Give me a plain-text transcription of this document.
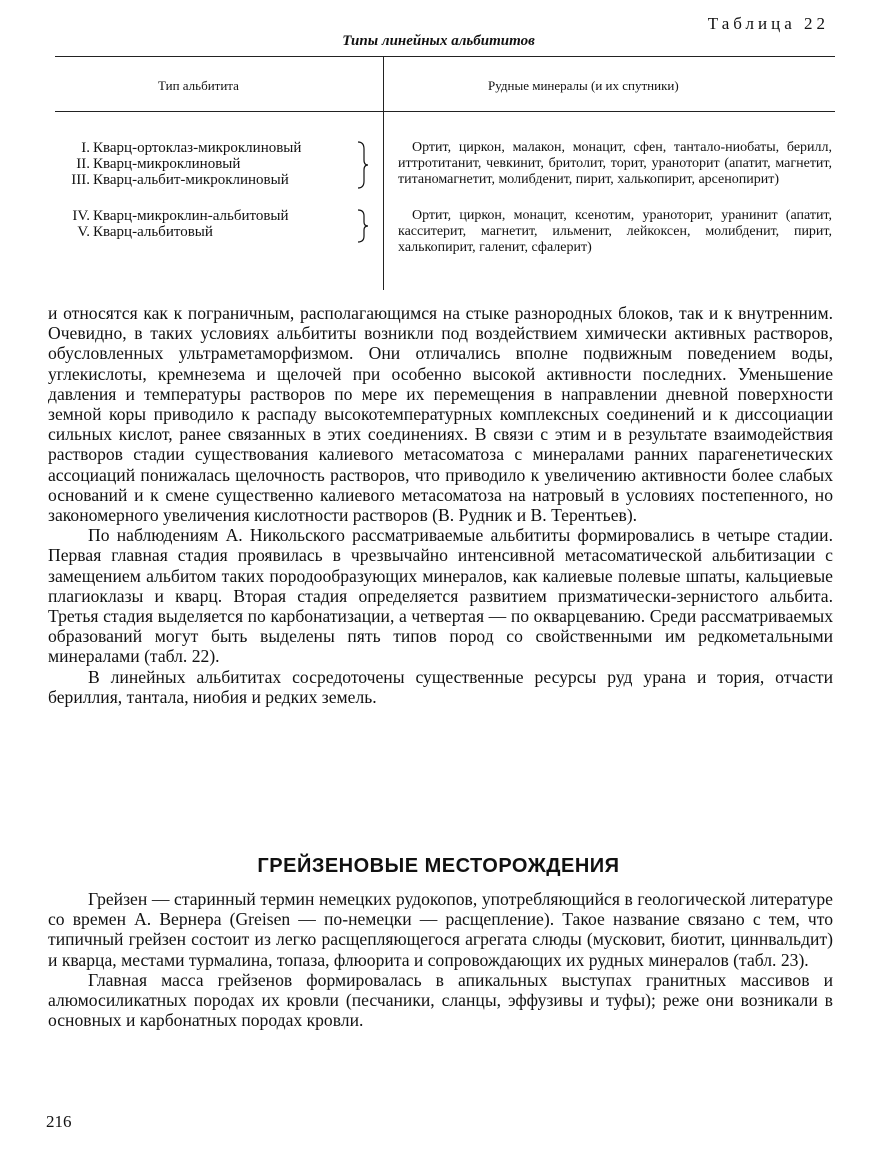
Таблица 22
Типы линейных альбититов
Тип альбитита	Рудные минералы (и их спутники)
I. Кварц-ортоклаз-микроклиновый
II. Кварц-микроклиновый
III. Кварц-альбит-микроклиновый
Ортит, циркон, малакон, монацит, сфен, тантало-ниобаты, берилл, иттротитанит, чевкинит, бритолит, торит, ураноторит (апатит, магнетит, титаномагнетит, молибденит, пирит, халькопирит, арсенопирит)
IV. Кварц-микроклин-альбитовый
V. Кварц-альбитовый
Ортит, циркон, монацит, ксенотим, ураноторит, уранинит (апатит, касситерит, магнетит, ильменит, лейкоксен, молибденит, пирит, халькопирит, галенит, сфалерит)

и относятся как к пограничным, располагающимся на стыке разнородных блоков, так и к внутренним. Очевидно, в таких условиях альбититы возникли под воздействием химически активных растворов, обусловленных ультраметаморфизмом. Они отличались вполне подвижным поведением воды, углекислоты, кремнезема и щелочей при особенно высокой активности последних. Уменьшение давления и температуры растворов по мере их перемещения в направлении дневной поверхности земной коры приводило к распаду высокотемпературных комплексных соединений и к диссоциации сильных кислот, ранее связанных в этих соединениях. В связи с этим и в результате взаимодействия растворов стадии существования калиевого метасоматоза с минералами ранних парагенетических ассоциаций понижалась щелочность растворов, что приводило к увеличению активности более слабых оснований и к смене существенно калиевого метасоматоза на натровый в условиях постепенного, но закономерного увеличения кислотности растворов (В. Рудник и В. Терентьев).

По наблюдениям А. Никольского рассматриваемые альбититы формировались в четыре стадии. Первая главная стадия проявилась в чрезвычайно интенсивной метасоматической альбитизации с замещением альбитом таких породообразующих минералов, как калиевые полевые шпаты, кальциевые плагиоклазы и кварц. Вторая стадия определяется развитием призматически-зернистого альбита. Третья стадия выделяется по карбонатизации, а четвертая — по окварцеванию. Среди рассматриваемых образований могут быть выделены пять типов пород со свойственными им редкометальными минералами (табл. 22).

В линейных альбититах сосредоточены существенные ресурсы руд урана и тория, отчасти бериллия, тантала, ниобия и редких земель.

ГРЕЙЗЕНОВЫЕ МЕСТОРОЖДЕНИЯ

Грейзен — старинный термин немецких рудокопов, употребляющийся в геологической литературе со времен А. Вернера (Greisen — по-немецки — расщепление). Такое название связано с тем, что типичный грейзен состоит из легко расщепляющегося агрегата слюды (мусковит, биотит, циннвальдит) и кварца, местами турмалина, топаза, флюорита и сопровождающих их рудных минералов (табл. 23).

Главная масса грейзенов формировалась в апикальных выступах гранитных массивов и алюмосиликатных породах их кровли (песчаники, сланцы, эффузивы и туфы); реже они возникали в основных и карбонатных породах кровли.

216
